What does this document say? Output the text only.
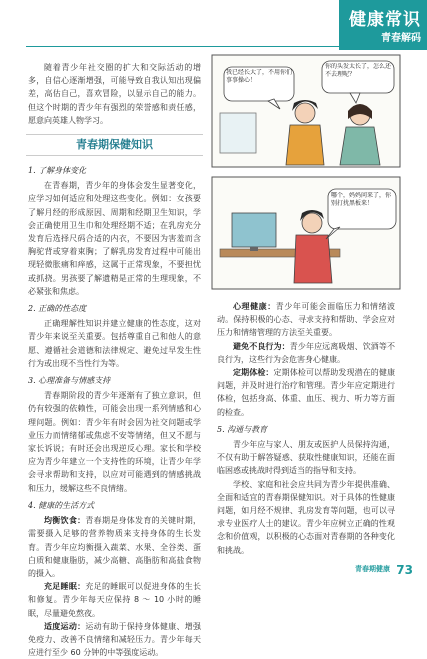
健康常识
青春解码

随着青少年社交圈的扩大和交际活动的增多，自信心逐渐增强，可能导致自我认知出现偏差，高估自己，喜欢冒险，以显示自己的能力。但这个时期的青少年有强烈的荣誉感和责任感，愿意向英雄人物学习。

青春期保健知识

1. 了解身体变化

在青春期，青少年的身体会发生显著变化，应学习如何适应和处理这些变化。例如：女孩要了解月经的形成原因、周期和经期卫生知识，学会正确使用卫生巾和处理经期不适；在乳房充分发育后选择尺码合适的内衣，不要因为害羞而含胸驼背或穿着束胸；了解乳房发育过程中可能出现轻微胀痛和痒感，这属于正常现象，不要担忧或抓挠。男孩要了解遗精是正常的生理现象，不必紧张和焦虑。

2. 正确的性态度

正确理解性知识并建立健康的性态度，这对青少年来说至关重要。包括尊重自己和他人的意愿、遵循社会道德和法律规定、避免过早发生性行为或出现不当性行为等。

3. 心理准备与情感支持

青春期阶段的青少年逐渐有了独立意识，但仍有较强的依赖性，可能会出现一系列情感和心理问题。例如：青少年有时会因为社交问题或学业压力而情绪郁或焦虑不安等情绪，但又不愿与家长诉说；有时还会出现逆反心理。家长和学校应为青少年建立一个支持性的环境，让青少年学会寻求帮助和支持，以应对可能遇到的情感挑战和压力，缓解这些不良情绪。

4. 健康的生活方式

均衡饮食：青春期是身体发育的关键时期，需要摄入足够的营养物质来支持身体的生长发育。青少年应均衡摄入蔬菜、水果、全谷类、蛋白质和健康脂肪，减少高糖、高脂肪和高盐食物的摄入。

充足睡眠：充足的睡眠可以促进身体的生长和修复。青少年每天应保持 8 ～ 10 小时的睡眠，尽量避免熬夜。

适度运动：运动有助于保持身体健康、增强免疫力、改善不良情绪和减轻压力。青少年每天应进行至少 60 分钟的中等强度运动。

我已经长大了，不用你们事事操心！
你的头发太长了，怎么还不去理呢？
哪个，妈妈问来了，你别打扰黑板来！

心理健康：青少年可能会面临压力和情绪波动。保持积极的心态、寻求支持和帮助、学会应对压力和情绪管理的方法至关重要。

避免不良行为：青少年应远离吸烟、饮酒等不良行为，这些行为会危害身心健康。

定期体检：定期体检可以帮助发现潜在的健康问题，并及时进行治疗和管理。青少年应定期进行体检，包括身高、体重、血压、视力、听力等方面的检查。

5. 沟通与教育

青少年应与家人、朋友或医护人员保持沟通，不仅有助于解答疑惑、获取性健康知识，还能在面临困惑或挑战时得到适当的指导和支持。

学校、家庭和社会应共同为青少年提供准确、全面和适宜的青春期保健知识。对于具体的性健康问题，如月经不规律、乳房发育等问题，也可以寻求专业医疗人士的建议。青少年应树立正确的性观念和价值观，以积极的心态面对青春期的各种变化和挑战。

青春期健康 73
